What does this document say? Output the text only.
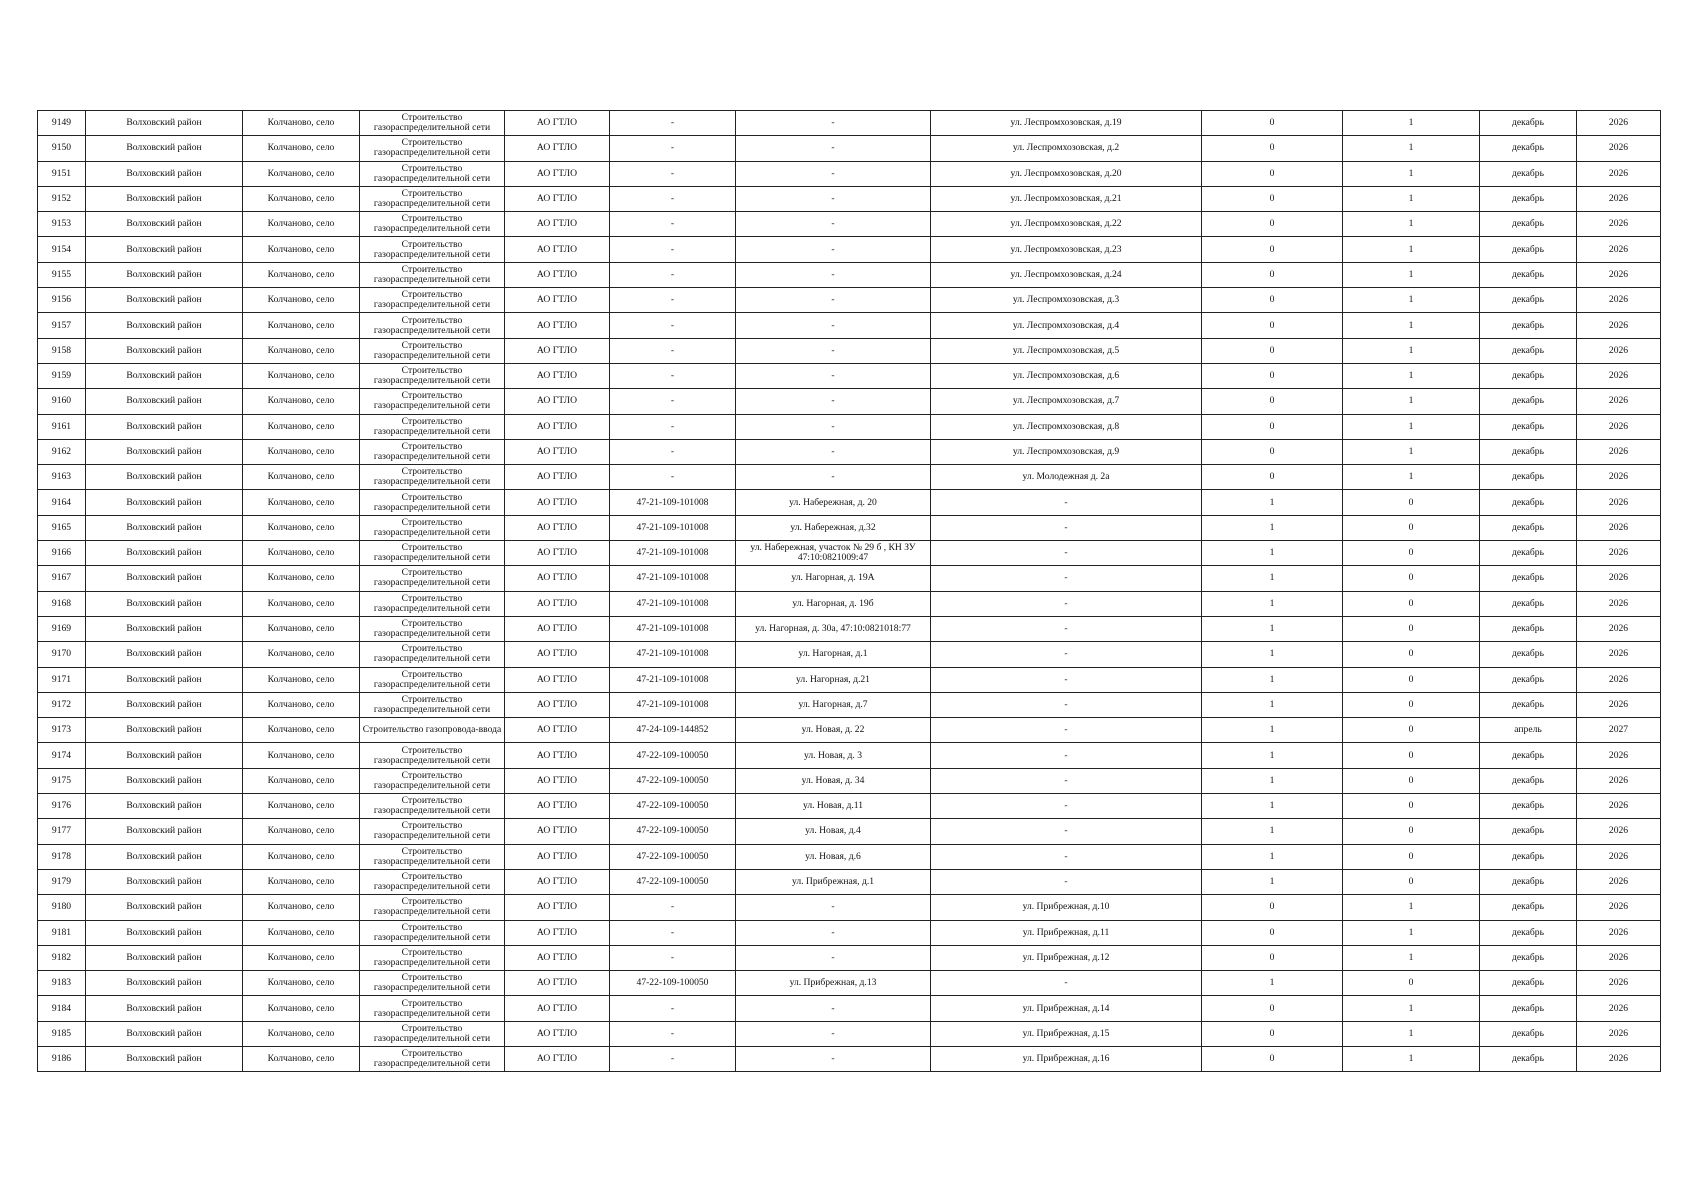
9149	Волховский район	Колчаново, село	Строительство газораспределительной сети	АО ГТЛО	-	-	ул. Леспромхозовская, д.19	0	1	декабрь	2026
9150	Волховский район	Колчаново, село	Строительство газораспределительной сети	АО ГТЛО	-	-	ул. Леспромхозовская, д.2	0	1	декабрь	2026
9151	Волховский район	Колчаново, село	Строительство газораспределительной сети	АО ГТЛО	-	-	ул. Леспромхозовская, д.20	0	1	декабрь	2026
9152	Волховский район	Колчаново, село	Строительство газораспределительной сети	АО ГТЛО	-	-	ул. Леспромхозовская, д.21	0	1	декабрь	2026
9153	Волховский район	Колчаново, село	Строительство газораспределительной сети	АО ГТЛО	-	-	ул. Леспромхозовская, д.22	0	1	декабрь	2026
9154	Волховский район	Колчаново, село	Строительство газораспределительной сети	АО ГТЛО	-	-	ул. Леспромхозовская, д.23	0	1	декабрь	2026
9155	Волховский район	Колчаново, село	Строительство газораспределительной сети	АО ГТЛО	-	-	ул. Леспромхозовская, д.24	0	1	декабрь	2026
9156	Волховский район	Колчаново, село	Строительство газораспределительной сети	АО ГТЛО	-	-	ул. Леспромхозовская, д.3	0	1	декабрь	2026
9157	Волховский район	Колчаново, село	Строительство газораспределительной сети	АО ГТЛО	-	-	ул. Леспромхозовская, д.4	0	1	декабрь	2026
9158	Волховский район	Колчаново, село	Строительство газораспределительной сети	АО ГТЛО	-	-	ул. Леспромхозовская, д.5	0	1	декабрь	2026
9159	Волховский район	Колчаново, село	Строительство газораспределительной сети	АО ГТЛО	-	-	ул. Леспромхозовская, д.6	0	1	декабрь	2026
9160	Волховский район	Колчаново, село	Строительство газораспределительной сети	АО ГТЛО	-	-	ул. Леспромхозовская, д.7	0	1	декабрь	2026
9161	Волховский район	Колчаново, село	Строительство газораспределительной сети	АО ГТЛО	-	-	ул. Леспромхозовская, д.8	0	1	декабрь	2026
9162	Волховский район	Колчаново, село	Строительство газораспределительной сети	АО ГТЛО	-	-	ул. Леспромхозовская, д.9	0	1	декабрь	2026
9163	Волховский район	Колчаново, село	Строительство газораспределительной сети	АО ГТЛО	-	-	ул. Молодежная д. 2а	0	1	декабрь	2026
9164	Волховский район	Колчаново, село	Строительство газораспределительной сети	АО ГТЛО	47-21-109-101008	ул. Набережная, д. 20	-	1	0	декабрь	2026
9165	Волховский район	Колчаново, село	Строительство газораспределительной сети	АО ГТЛО	47-21-109-101008	ул. Набережная, д.32	-	1	0	декабрь	2026
9166	Волховский район	Колчаново, село	Строительство газораспределительной сети	АО ГТЛО	47-21-109-101008	ул. Набережная, участок № 29 б , КН ЗУ 47:10:0821009:47	-	1	0	декабрь	2026
9167	Волховский район	Колчаново, село	Строительство газораспределительной сети	АО ГТЛО	47-21-109-101008	ул. Нагорная, д. 19А	-	1	0	декабрь	2026
9168	Волховский район	Колчаново, село	Строительство газораспределительной сети	АО ГТЛО	47-21-109-101008	ул. Нагорная, д. 19б	-	1	0	декабрь	2026
9169	Волховский район	Колчаново, село	Строительство газораспределительной сети	АО ГТЛО	47-21-109-101008	ул. Нагорная, д. 30а, 47:10:0821018:77	-	1	0	декабрь	2026
9170	Волховский район	Колчаново, село	Строительство газораспределительной сети	АО ГТЛО	47-21-109-101008	ул. Нагорная, д.1	-	1	0	декабрь	2026
9171	Волховский район	Колчаново, село	Строительство газораспределительной сети	АО ГТЛО	47-21-109-101008	ул. Нагорная, д.21	-	1	0	декабрь	2026
9172	Волховский район	Колчаново, село	Строительство газораспределительной сети	АО ГТЛО	47-21-109-101008	ул. Нагорная, д.7	-	1	0	декабрь	2026
9173	Волховский район	Колчаново, село	Строительство газопровода-ввода	АО ГТЛО	47-24-109-144852	ул. Новая, д. 22	-	1	0	апрель	2027
9174	Волховский район	Колчаново, село	Строительство газораспределительной сети	АО ГТЛО	47-22-109-100050	ул. Новая, д. 3	-	1	0	декабрь	2026
9175	Волховский район	Колчаново, село	Строительство газораспределительной сети	АО ГТЛО	47-22-109-100050	ул. Новая, д. 34	-	1	0	декабрь	2026
9176	Волховский район	Колчаново, село	Строительство газораспределительной сети	АО ГТЛО	47-22-109-100050	ул. Новая, д.11	-	1	0	декабрь	2026
9177	Волховский район	Колчаново, село	Строительство газораспределительной сети	АО ГТЛО	47-22-109-100050	ул. Новая, д.4	-	1	0	декабрь	2026
9178	Волховский район	Колчаново, село	Строительство газораспределительной сети	АО ГТЛО	47-22-109-100050	ул. Новая, д.6	-	1	0	декабрь	2026
9179	Волховский район	Колчаново, село	Строительство газораспределительной сети	АО ГТЛО	47-22-109-100050	ул. Прибрежная, д.1	-	1	0	декабрь	2026
9180	Волховский район	Колчаново, село	Строительство газораспределительной сети	АО ГТЛО	-	-	ул. Прибрежная, д.10	0	1	декабрь	2026
9181	Волховский район	Колчаново, село	Строительство газораспределительной сети	АО ГТЛО	-	-	ул. Прибрежная, д.11	0	1	декабрь	2026
9182	Волховский район	Колчаново, село	Строительство газораспределительной сети	АО ГТЛО	-	-	ул. Прибрежная, д.12	0	1	декабрь	2026
9183	Волховский район	Колчаново, село	Строительство газораспределительной сети	АО ГТЛО	47-22-109-100050	ул. Прибрежная, д.13	-	1	0	декабрь	2026
9184	Волховский район	Колчаново, село	Строительство газораспределительной сети	АО ГТЛО	-	-	ул. Прибрежная, д.14	0	1	декабрь	2026
9185	Волховский район	Колчаново, село	Строительство газораспределительной сети	АО ГТЛО	-	-	ул. Прибрежная, д.15	0	1	декабрь	2026
9186	Волховский район	Колчаново, село	Строительство газораспределительной сети	АО ГТЛО	-	-	ул. Прибрежная, д.16	0	1	декабрь	2026
